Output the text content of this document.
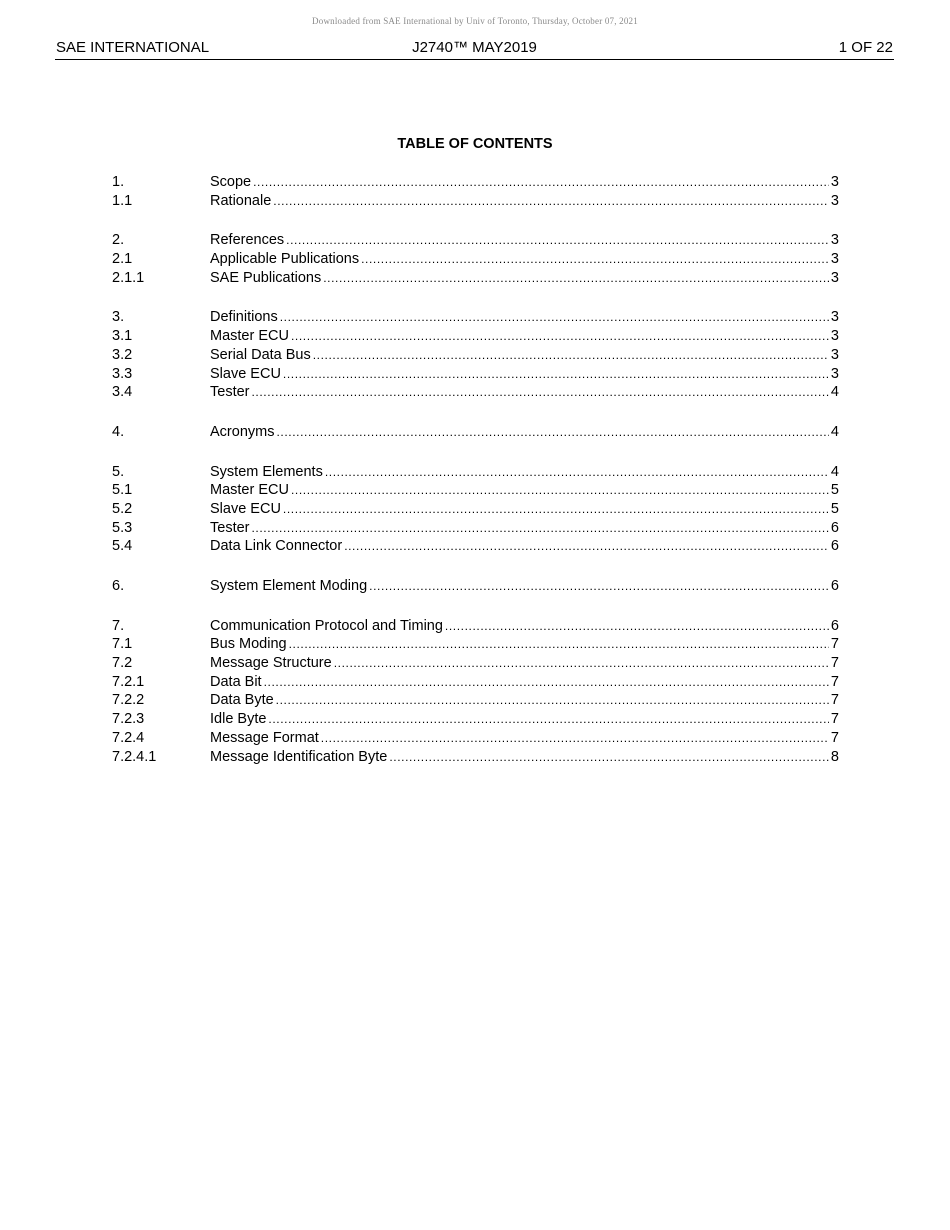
Downloaded from SAE International by Univ of Toronto, Thursday, October 07, 2021
SAE INTERNATIONAL	J2740™ MAY2019	1 OF 22
TABLE OF CONTENTS
1.	Scope .....	3
1.1	Rationale .....	3
2.	References .....	3
2.1	Applicable Publications .....	3
2.1.1	SAE Publications .....	3
3.	Definitions .....	3
3.1	Master ECU .....	3
3.2	Serial Data Bus .....	3
3.3	Slave ECU .....	3
3.4	Tester .....	4
4.	Acronyms .....	4
5.	System Elements .....	4
5.1	Master ECU .....	5
5.2	Slave ECU .....	5
5.3	Tester .....	6
5.4	Data Link Connector .....	6
6.	System Element Moding .....	6
7.	Communication Protocol and Timing .....	6
7.1	Bus Moding .....	7
7.2	Message Structure .....	7
7.2.1	Data Bit .....	7
7.2.2	Data Byte .....	7
7.2.3	Idle Byte .....	7
7.2.4	Message Format .....	7
7.2.4.1	Message Identification Byte .....	8
